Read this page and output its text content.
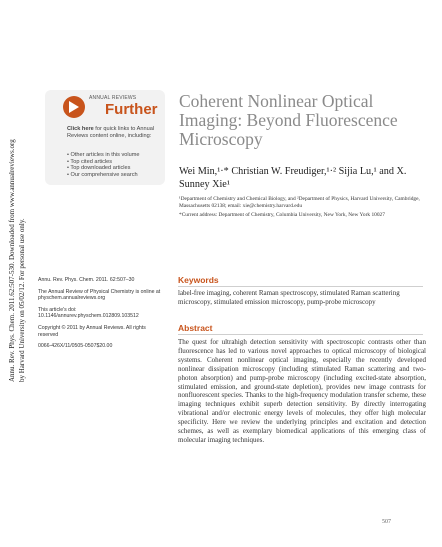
Annu. Rev. Phys. Chem. 2011.62:507-530. Downloaded from www.annualreviews.org by Harvard University on 05/02/12. For personal use only.
ANNUAL REVIEWS
Further
Click here for quick links to Annual Reviews content online, including:
• Other articles in this volume
• Top cited articles
• Top downloaded articles
• Our comprehensive search
Coherent Nonlinear Optical Imaging: Beyond Fluorescence Microscopy
Wei Min,¹·* Christian W. Freudiger,¹·² Sijia Lu,¹ and X. Sunney Xie¹
¹Department of Chemistry and Chemical Biology, and ²Department of Physics, Harvard University, Cambridge, Massachusetts 02138; email: xie@chemistry.harvard.edu
*Current address: Department of Chemistry, Columbia University, New York, New York 10027

Annu. Rev. Phys. Chem. 2011. 62:507–30

The Annual Review of Physical Chemistry is online at physchem.annualreviews.org

This article's doi:
10.1146/annurev.physchem.012809.103512

Copyright © 2011 by Annual Reviews. All rights reserved

0066-426X/11/0505-0507$20.00

Keywords
label-free imaging, coherent Raman spectroscopy, stimulated Raman scattering microscopy, stimulated emission microscopy, pump-probe microscopy
Abstract
The quest for ultrahigh detection sensitivity with spectroscopic contrasts other than fluorescence has led to various novel approaches to optical microscopy of biological systems. Coherent nonlinear optical imaging, especially the recently developed nonlinear dissipation microscopy (including stimulated Raman scattering and two-photon absorption) and pump-probe microscopy (including excited-state absorption, stimulated emission, and ground-state depletion), provides new image contrasts for nonfluorescent species. Thanks to the high-frequency modulation transfer scheme, these imaging techniques exhibit superb detection sensitivity. By directly interrogating vibrational and/or electronic energy levels of molecules, they offer high molecular specificity. Here we review the underlying principles and excitation and detection schemes, as well as exemplary biomedical applications of this emerging class of molecular imaging techniques.
507
